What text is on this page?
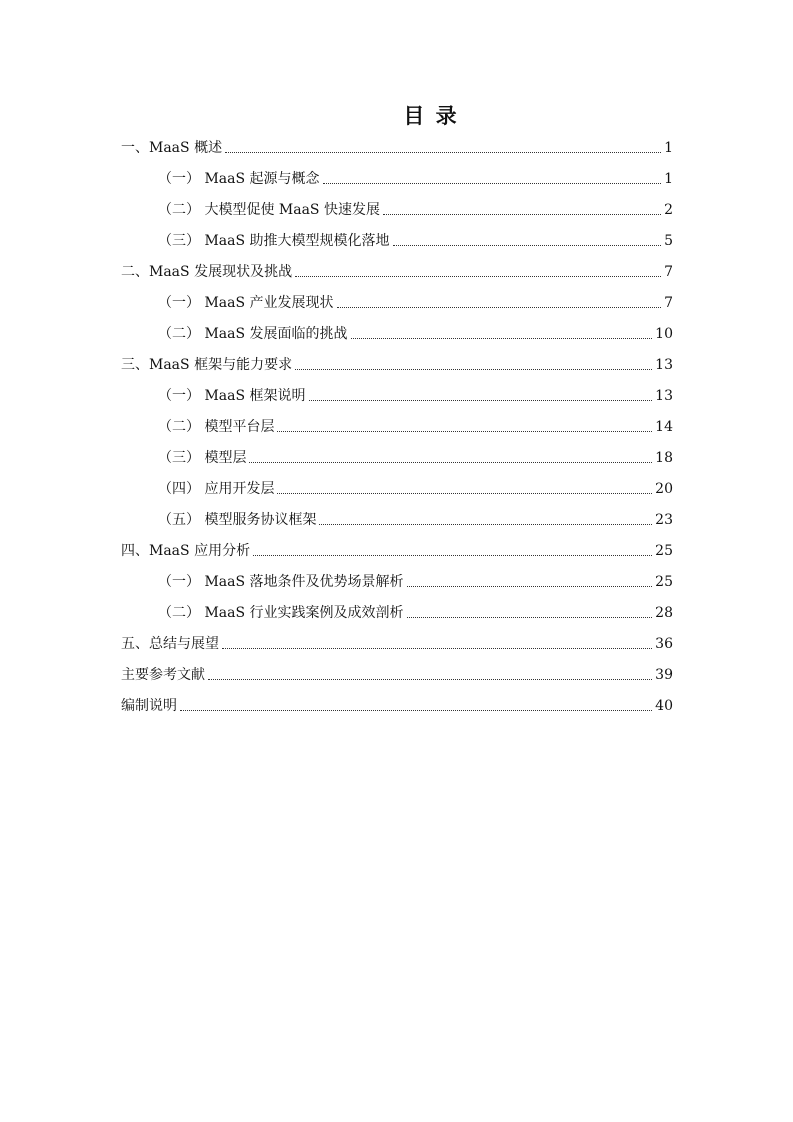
目 录
一、MaaS 概述	1
（一） MaaS 起源与概念	1
（二） 大模型促使 MaaS 快速发展	2
（三） MaaS 助推大模型规模化落地	5
二、MaaS 发展现状及挑战	7
（一） MaaS 产业发展现状	7
（二） MaaS 发展面临的挑战	10
三、MaaS 框架与能力要求	13
（一） MaaS 框架说明	13
（二） 模型平台层	14
（三） 模型层	18
（四） 应用开发层	20
（五） 模型服务协议框架	23
四、MaaS 应用分析	25
（一） MaaS 落地条件及优势场景解析	25
（二） MaaS 行业实践案例及成效剖析	28
五、总结与展望	36
主要参考文献	39
编制说明	40
